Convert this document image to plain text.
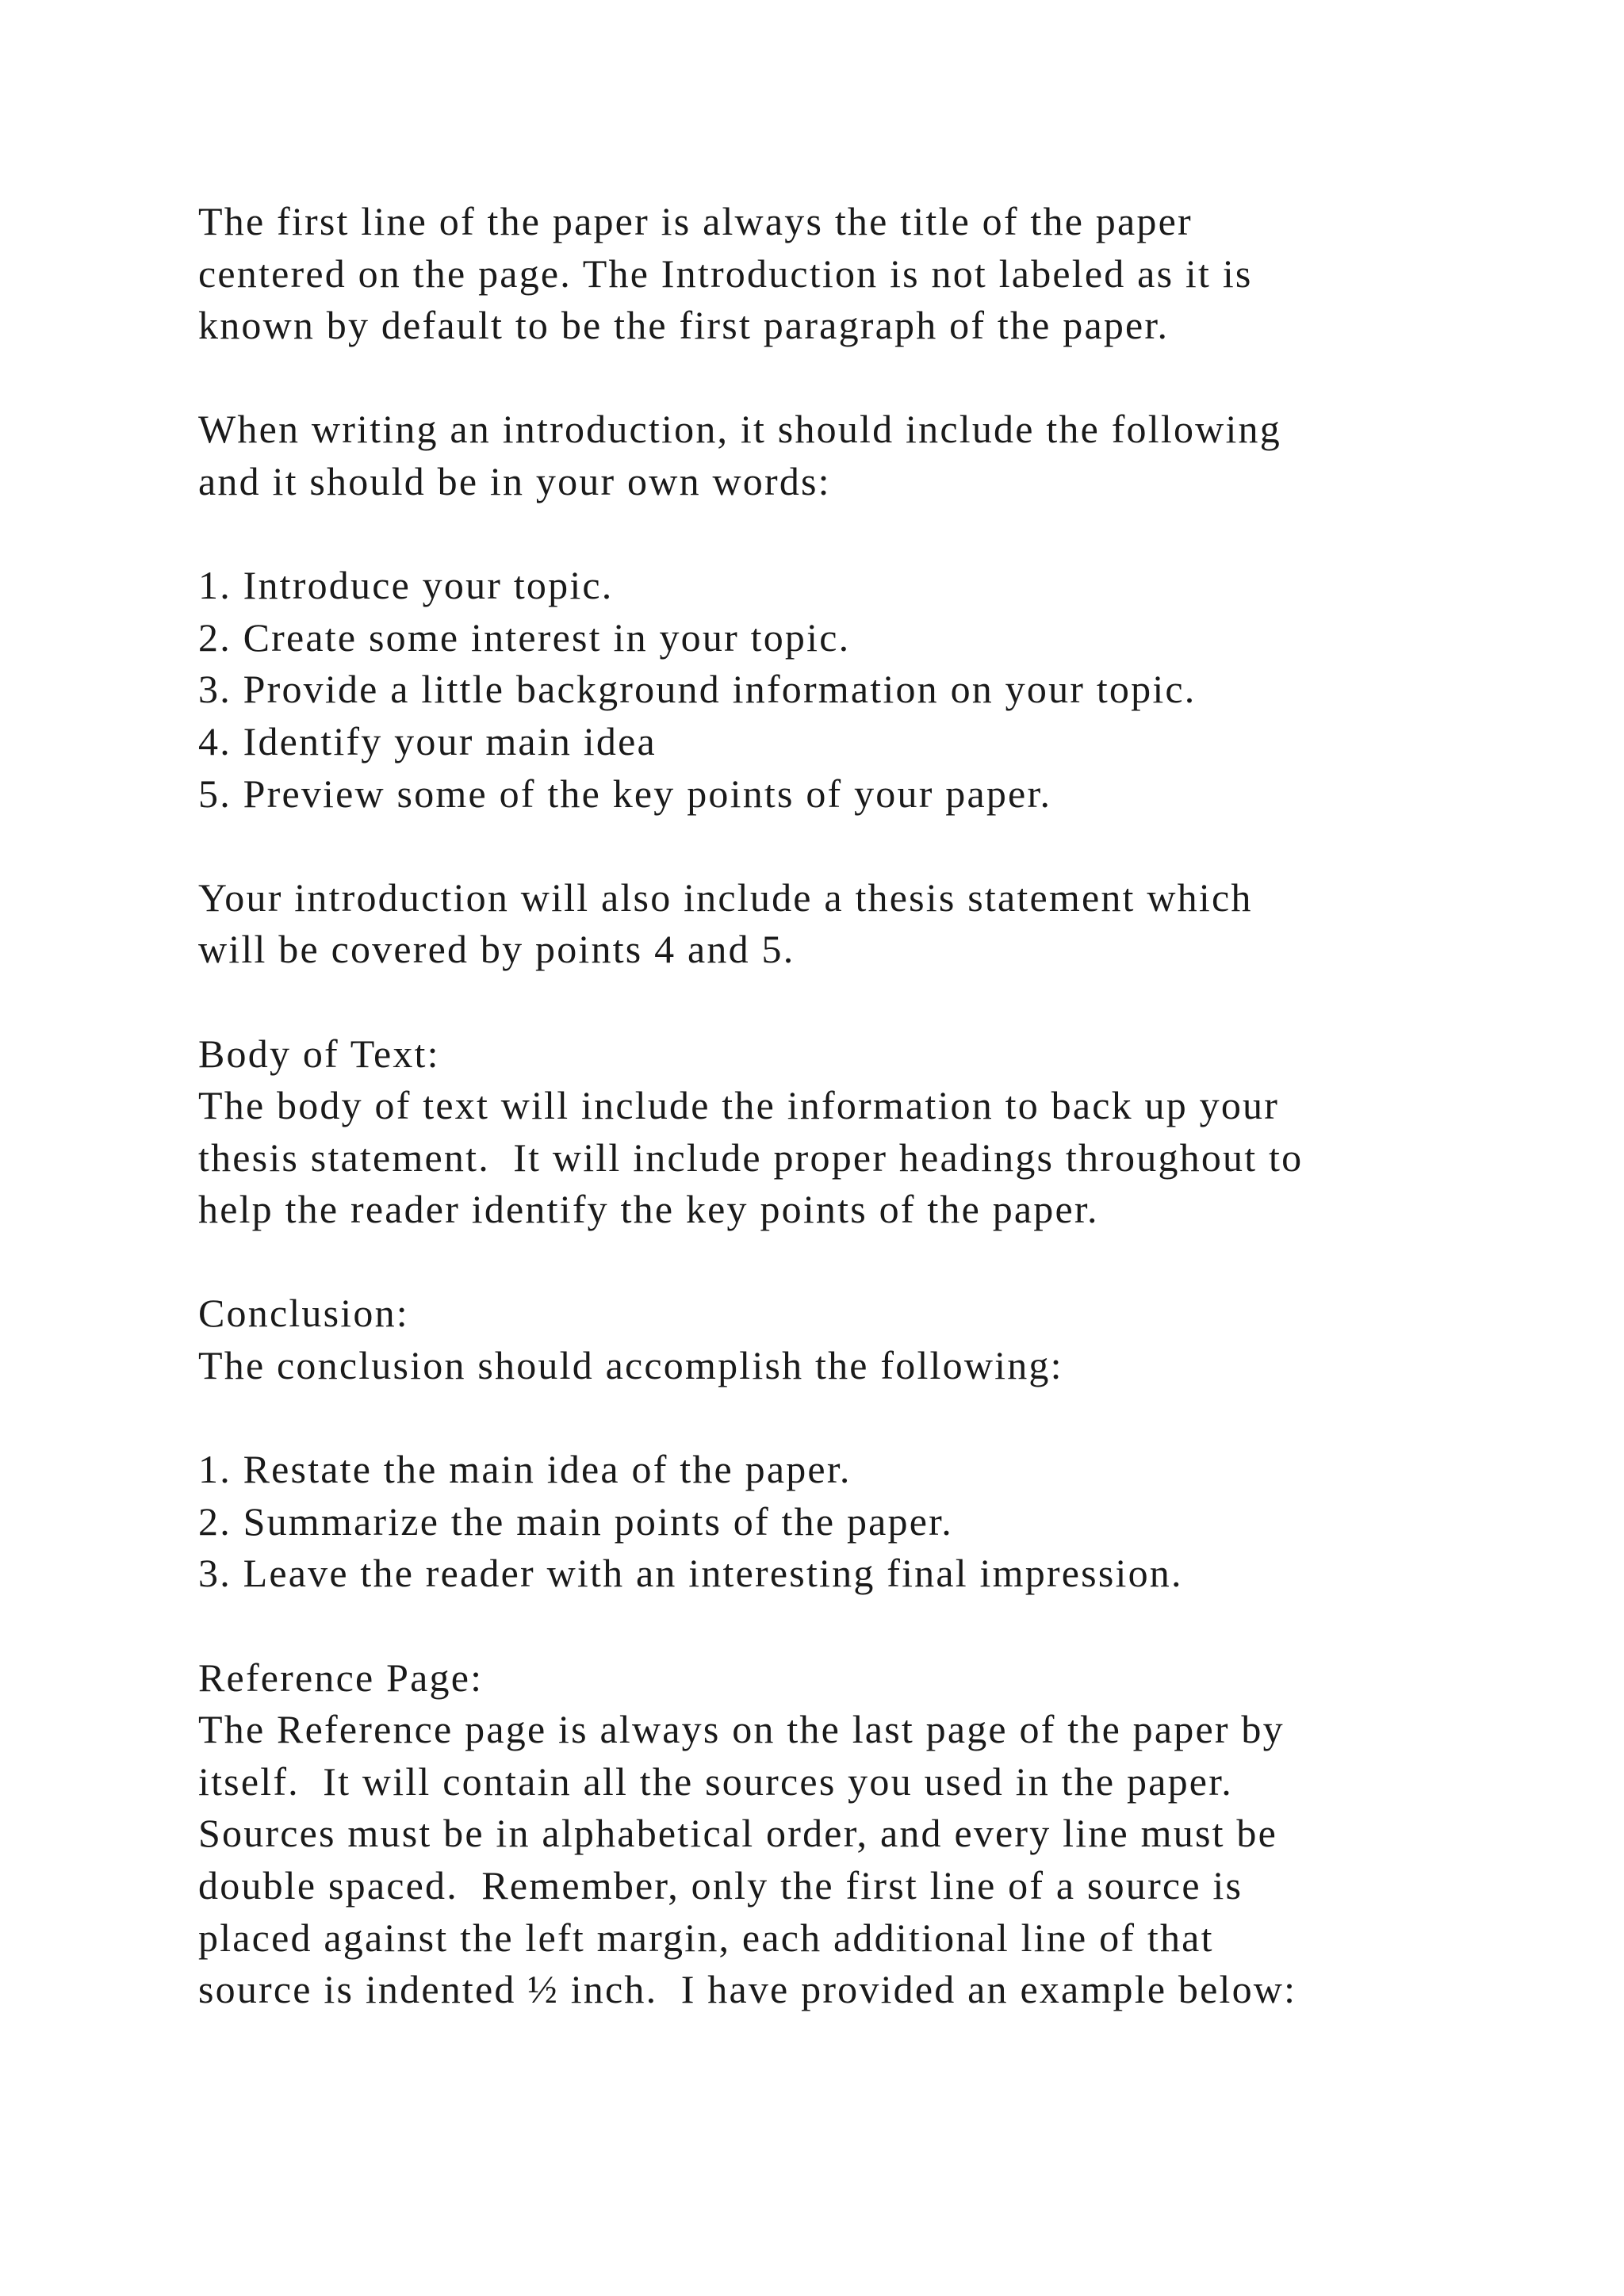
The first line of the paper is always the title of the paper
centered on the page. The Introduction is not labeled as it is
known by default to be the first paragraph of the paper.
When writing an introduction, it should include the following
and it should be in your own words:
1. Introduce your topic.
2. Create some interest in your topic.
3. Provide a little background information on your topic.
4. Identify your main idea
5. Preview some of the key points of your paper.
Your introduction will also include a thesis statement which
will be covered by points 4 and 5.
Body of Text:
The body of text will include the information to back up your
thesis statement.  It will include proper headings throughout to
help the reader identify the key points of the paper.
Conclusion:
The conclusion should accomplish the following:
1. Restate the main idea of the paper.
2. Summarize the main points of the paper.
3. Leave the reader with an interesting final impression.
Reference Page:
The Reference page is always on the last page of the paper by
itself.  It will contain all the sources you used in the paper.
Sources must be in alphabetical order, and every line must be
double spaced.  Remember, only the first line of a source is
placed against the left margin, each additional line of that
source is indented ½ inch.  I have provided an example below:
